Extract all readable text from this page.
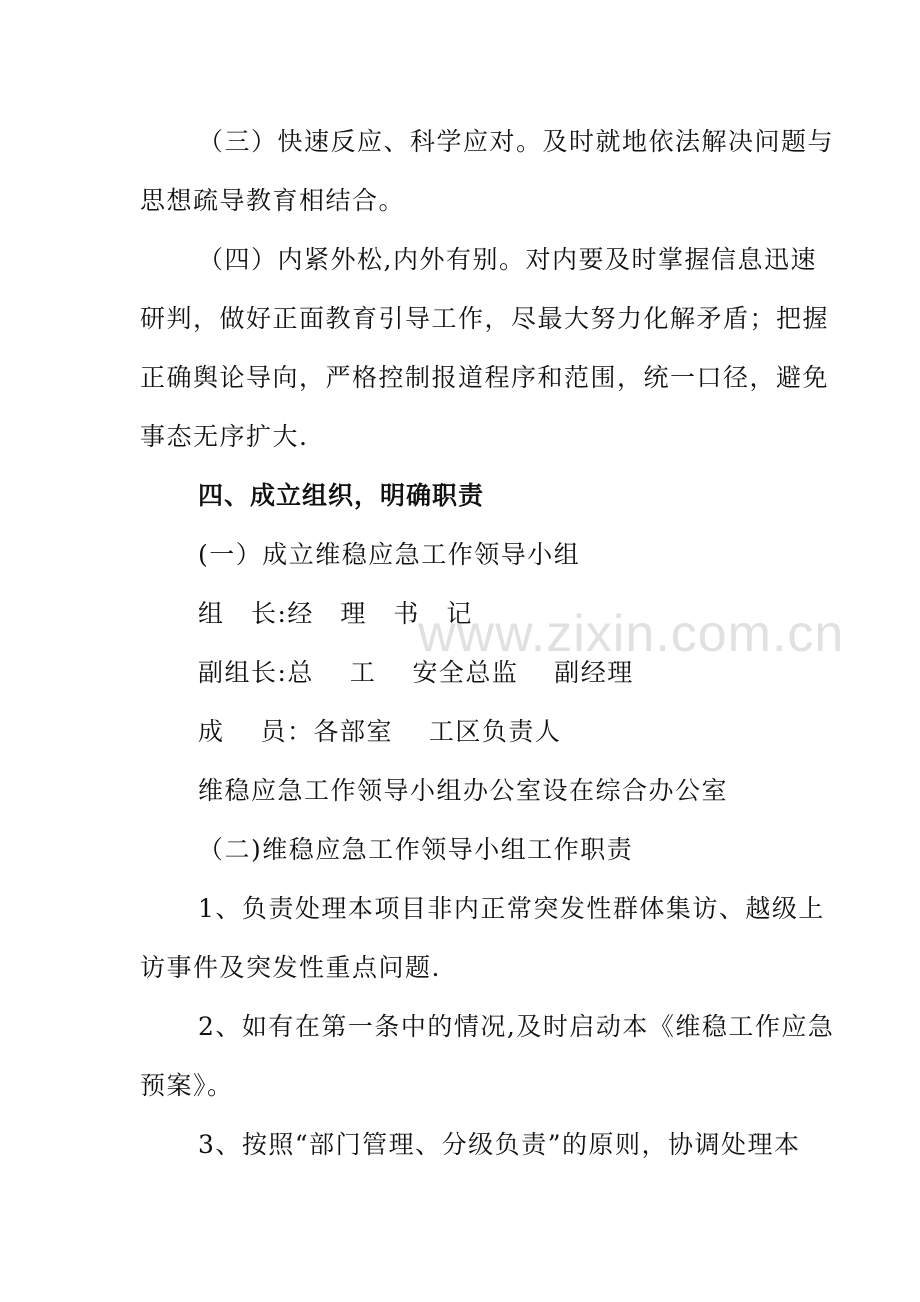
（三）快速反应、科学应对。及时就地依法解决问题与
思想疏导教育相结合。
（四）内紧外松,内外有别。对内要及时掌握信息迅速
研判，做好正面教育引导工作，尽最大努力化解矛盾；把握
正确舆论导向，严格控制报道程序和范围，统一口径，避免
事态无序扩大.
四、成立组织，明确职责
(一）成立维稳应急工作领导小组
组　长:经　理　书　记
副组长:总　 工　 安全总监　 副经理
成　 员：各部室　 工区负责人
维稳应急工作领导小组办公室设在综合办公室
（二)维稳应急工作领导小组工作职责
1、负责处理本项目非内正常突发性群体集访、越级上
访事件及突发性重点问题.
2、如有在第一条中的情况,及时启动本《维稳工作应急
预案》。
3、按照“部门管理、分级负责”的原则，协调处理本
www.zixin.com.cn
